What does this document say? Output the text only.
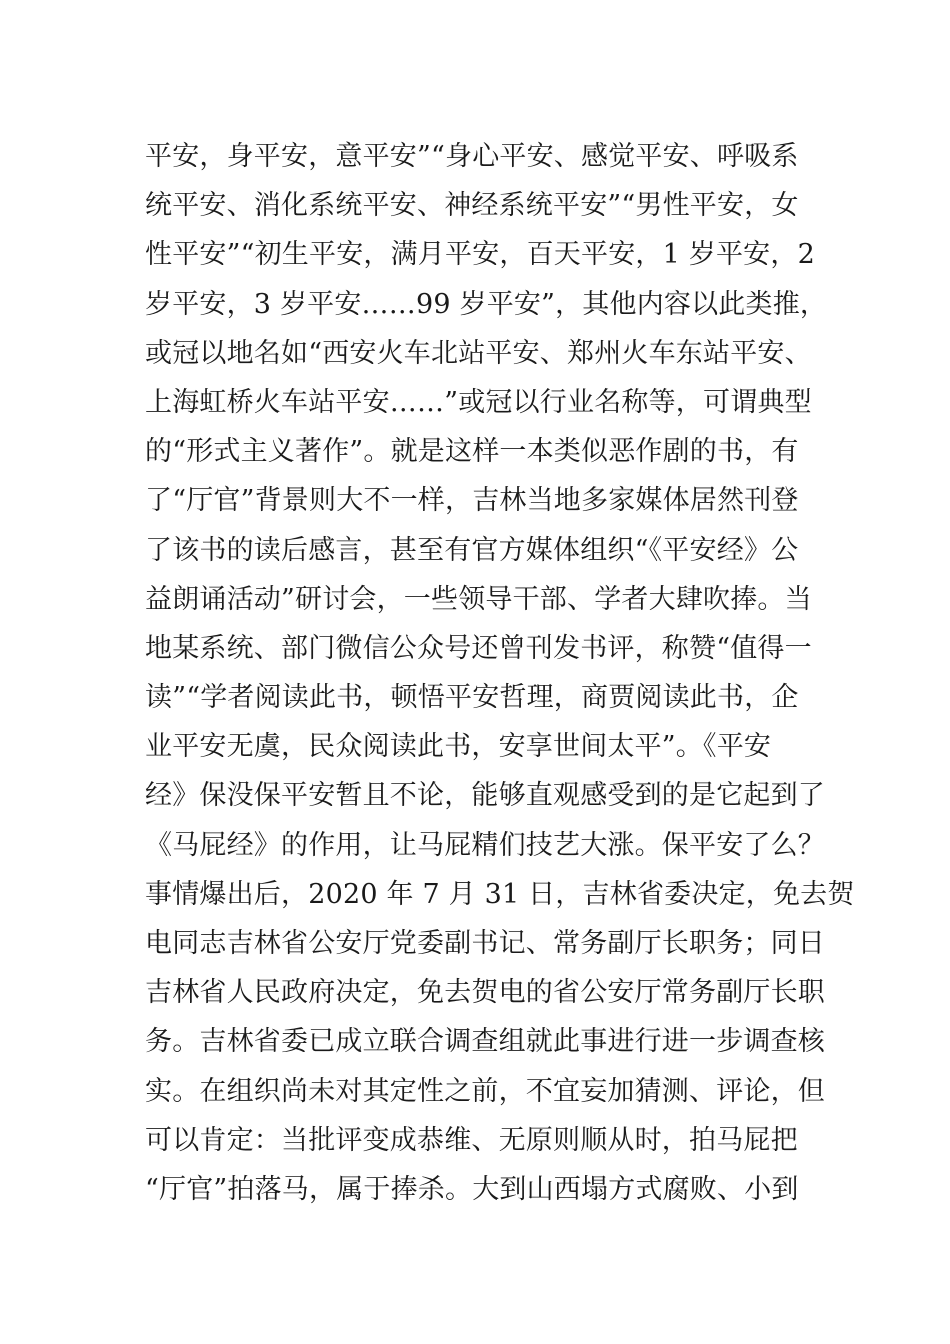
平安，身平安，意平安”“身心平安、感觉平安、呼吸系
统平安、消化系统平安、神经系统平安”“男性平安，女
性平安”“初生平安，满月平安，百天平安，1 岁平安，2
岁平安，3 岁平安……99 岁平安”，其他内容以此类推，
或冠以地名如“西安火车北站平安、郑州火车东站平安、
上海虹桥火车站平安……”或冠以行业名称等，可谓典型
的“形式主义著作”。就是这样一本类似恶作剧的书，有
了“厅官”背景则大不一样，吉林当地多家媒体居然刊登
了该书的读后感言，甚至有官方媒体组织“《平安经》公
益朗诵活动”研讨会，一些领导干部、学者大肆吹捧。当
地某系统、部门微信公众号还曾刊发书评，称赞“值得一
读”“学者阅读此书，顿悟平安哲理，商贾阅读此书，企
业平安无虞，民众阅读此书，安享世间太平”。《平安
经》保没保平安暂且不论，能够直观感受到的是它起到了
《马屁经》的作用，让马屁精们技艺大涨。保平安了么？
事情爆出后，2020 年 7 月 31 日，吉林省委决定，免去贺
电同志吉林省公安厅党委副书记、常务副厅长职务；同日
吉林省人民政府决定，免去贺电的省公安厅常务副厅长职
务。吉林省委已成立联合调查组就此事进行进一步调查核
实。在组织尚未对其定性之前，不宜妄加猜测、评论，但
可以肯定：当批评变成恭维、无原则顺从时，拍马屁把
“厅官”拍落马，属于捧杀。大到山西塌方式腐败、小到
